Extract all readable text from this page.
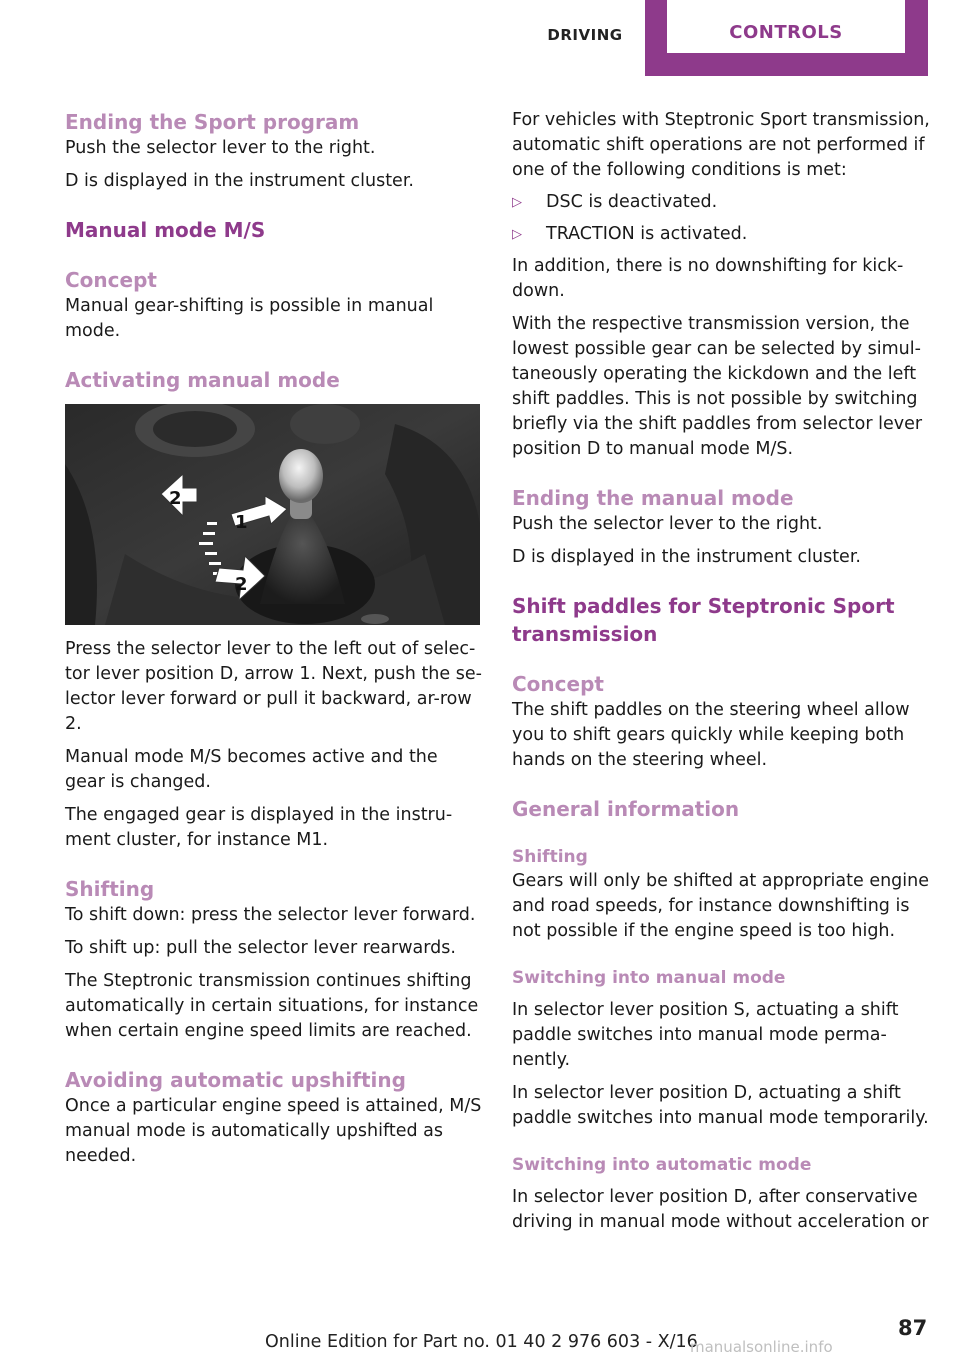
DRIVING	CONTROLS
Ending the Sport program

Push the selector lever to the right.

D is displayed in the instrument cluster.

Manual mode M/S
Concept

Manual gear-shifting is possible in manual mode.

Activating manual mode
2
1
2

Press the selector lever to the left out of selec-tor lever position D, arrow 1. Next, push the se-lector lever forward or pull it backward, ar-row 2.

Manual mode M/S becomes active and the gear is changed.

The engaged gear is displayed in the instru-ment cluster, for instance M1.

Shifting

To shift down: press the selector lever forward.

To shift up: pull the selector lever rearwards.

The Steptronic transmission continues shifting automatically in certain situations, for instance when certain engine speed limits are reached.

Avoiding automatic upshifting

Once a particular engine speed is attained, M/S manual mode is automatically upshifted as needed.

For vehicles with Steptronic Sport transmission, automatic shift operations are not performed if one of the following conditions is met:

▷	DSC is deactivated.
▷	TRACTION is activated.

In addition, there is no downshifting for kick-down.

With the respective transmission version, the lowest possible gear can be selected by simul-taneously operating the kickdown and the left shift paddles. This is not possible by switching briefly via the shift paddles from selector lever position D to manual mode M/S.

Ending the manual mode

Push the selector lever to the right.

D is displayed in the instrument cluster.

Shift paddles for Steptronic Sport transmission
Concept

The shift paddles on the steering wheel allow you to shift gears quickly while keeping both hands on the steering wheel.

General information
Shifting

Gears will only be shifted at appropriate engine and road speeds, for instance downshifting is not possible if the engine speed is too high.

Switching into manual mode

In selector lever position S, actuating a shift paddle switches into manual mode perma-nently.

In selector lever position D, actuating a shift paddle switches into manual mode temporarily.

Switching into automatic mode

In selector lever position D, after conservative driving in manual mode without acceleration or

87
Online Edition for Part no. 01 40 2 976 603 - X/16
manualsonline.info
